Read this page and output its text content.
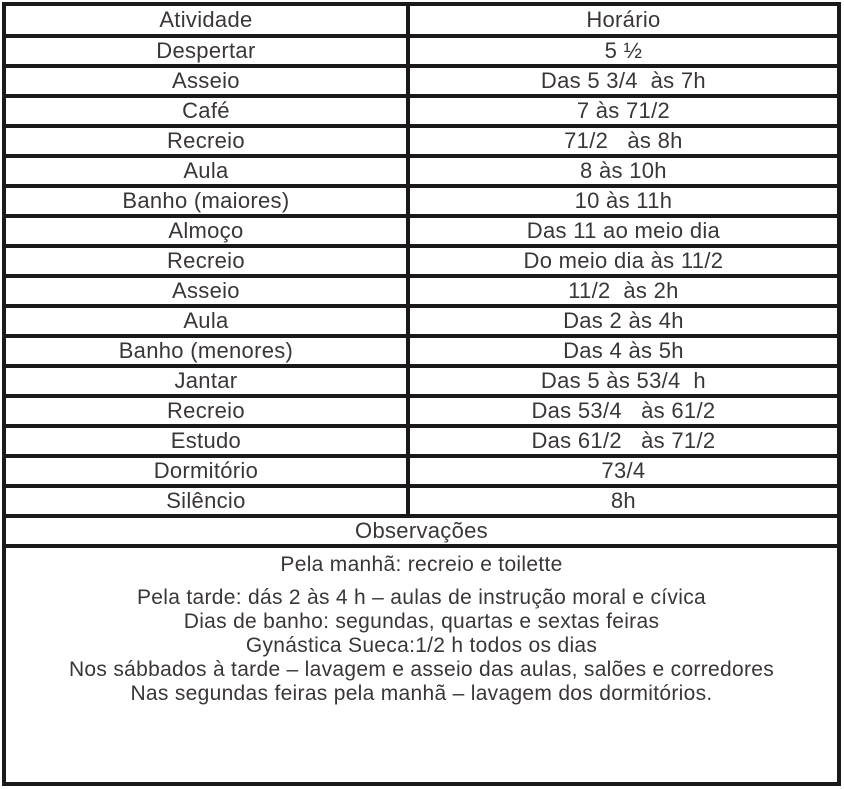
Atividade	Horário
Despertar	5 ½
Asseio	Das 5 3/4  às 7h
Café	7 às 71/2
Recreio	71/2   às 8h
Aula	8 às 10h
Banho (maiores)	10 às 11h
Almoço	Das 11 ao meio dia
Recreio	Do meio dia às 11/2
Asseio	11/2  às 2h
Aula	Das 2 às 4h
Banho (menores)	Das 4 às 5h
Jantar	Das 5 às 53/4  h
Recreio	Das 53/4   às 61/2
Estudo	Das 61/2   às 71/2
Dormitório	73/4
Silêncio	8h
Observações
Pela manhã: recreio e toilette
Pela tarde: dás 2 às 4 h – aulas de instrução moral e cívica
Dias de banho: segundas, quartas e sextas feiras
Gynástica Sueca:1/2 h todos os dias
Nos sábbados à tarde – lavagem e asseio das aulas, salões e corredores
Nas segundas feiras pela manhã – lavagem dos dormitórios.
